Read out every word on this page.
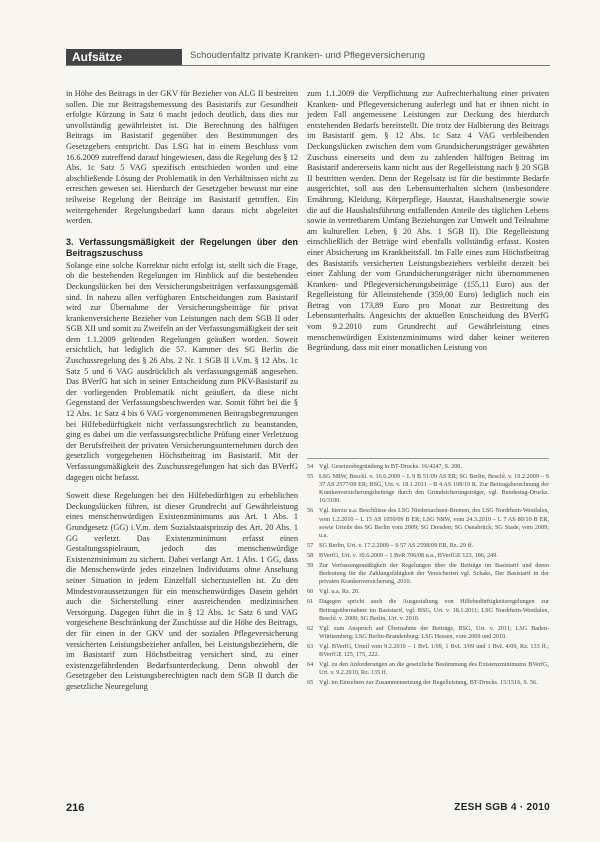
Aufsätze	Schoudenfaltz private Kranken- und Pflegeversicherung

in Höhe des Beitrags in der GKV für Bezieher von ALG II bestreiten sollen. Die zur Beitragsbemessung des Basistarifs zur Gesundheit erfolgte Kürzung in Satz 6 macht jedoch deutlich, dass dies nur unvollständig gewährleistet ist. Die Berechnung des hälftigen Beitrags im Basistarif gegenüber den Bestimmungen des Gesetzgebers entspricht. Das LSG hat in einem Beschluss vom 16.6.2009 zutreffend darauf hingewiesen, dass die Regelung des § 12 Abs. 1c Satz 5 VAG spezifisch entschieden worden und eine abschließende Lösung der Problematik in den Verhältnissen nicht zu erreichen gewesen sei. Hierdurch der Gesetzgeber bewusst nur eine teilweise Regelung der Beiträge im Basistarif getroffen. Ein weitergehender Regelungsbedarf kann daraus nicht abgeleitet werden.

3. Verfassungsmäßigkeit der Regelungen über den Beitragszuschuss

Solange eine solche Korrektur nicht erfolgt ist, stellt sich die Frage, ob die bestehenden Regelungen im Hinblick auf die bestehenden Deckungslücken bei den Versicherungsbeiträgen verfassungsgemäß sind. In nahezu allen verfügbaren Entscheidungen zum Basistarif wird zur Übernahme der Versicherungsbeiträge für privat krankenversicherte Bezieher von Leistungen nach dem SGB II oder SGB XII und somit zu Zweifeln an der Verfassungsmäßigkeit der seit dem 1.1.2009 geltenden Regelungen geäußert worden. Soweit ersichtlich, hat lediglich die 57. Kammer des SG Berlin die Zuschussregelung des § 26 Abs. 2 Nr. 1 SGB II i.V.m. § 12 Abs. 1c Satz 5 und 6 VAG ausdrücklich als verfassungsgemäß angesehen. Das BVerfG hat sich in seiner Entscheidung zum PKV-Basistarif zu der vorliegenden Problematik nicht geäußert, da diese nicht Gegenstand der Verfassungsbeschwerden war. Somit führt bei die § 12 Abs. 1c Satz 4 bis 6 VAG vorgenommenen Beitragsbegrenzungen bei Hilfebedürftigkeit nicht verfassungsrechtlich zu beanstanden, ging es dabei um die verfassungsrechtliche Prüfung einer Verletzung der Berufsfreiheit der privaten Versicherungsunternehmen durch den gesetzlich vorgegebenen Höchstbeitrag im Basistarif. Mit der Verfassungsmäßigkeit des Zuschussregelungen hat sich das BVerfG dagegen nicht befasst.

Soweit diese Regelungen bei den Hilfebedürftigen zu erheblichen Deckungslücken führen, ist dieser Grundrecht auf Gewährleistung eines menschenwürdigen Existenzminimums aus Art. 1 Abs. 1 Grundgesetz (GG) i.V.m. dem Sozialstaatsprinzip des Art. 20 Abs. 1 GG verletzt. Das Existenzminimum erfasst einen Gestaltungsspielraum, jedoch das menschenwürdige Existenzminimum zu sichern. Dabei verlangt Art. 1 Abs. 1 GG, dass die Menschenwürde jedes einzelnen Individuums ohne Ansehung seiner Situation in jedem Einzelfall sicherzustellen ist. Zu den Mindestvoraussetzungen für ein menschenwürdiges Dasein gehört auch die Sicherstellung einer ausreichenden medizinischen Versorgung. Dagegen führt die in § 12 Abs. 1c Satz 6 und VAG vorgesehene Beschränkung der Zuschüsse auf die Höhe des Beitrags, der für einen in der GKV und der sozialen Pflegeversicherung versicherten Leistungsbezieher anfallen, bei Leistungsbeziehern, die im Basistarif zum Höchstbeitrag versichert sind, zu einer existenzgefährdenden Bedarfsunterdeckung. Denn obwohl der Gesetzgeber den Leistungsberechtigten nach dem SGB II durch die gesetzliche Neuregelung

zum 1.1.2009 die Verpflichtung zur Aufrechterhaltung einer privaten Kranken- und Pflegeversicherung auferlegt und hat er ihnen nicht in jedem Fall angemessene Leistungen zur Deckung des hierdurch entstehenden Bedarfs bereitstellt. Die trotz der Halbierung des Beitrags im Basistarif gem. § 12 Abs. 1c Satz 4 VAG verbleibenden Deckungslücken zwischen dem vom Grundsicherungsträger gewährten Zuschuss einerseits und dem zu zahlenden hälftigen Beitrag im Basistarif andererseits kann nicht aus der Regelleistung nach § 20 SGB II bestritten werden. Denn der Regelsatz ist für die bestimmte Bedarfe ausgerichtet, soll aus den Lebensunterhalten sichern (insbesondere Ernährung, Kleidung, Körperpflege, Hausrat, Haushaltsenergie sowie die auf die Haushaltsführung entfallenden Anteile des täglichen Lebens sowie in vertretbarem Umfang Beziehungen zur Umwelt und Teilnahme am kulturellen Leben, § 20 Abs. 1 SGB II). Die Regelleistung einschließlich der Beträge wird ebenfalls vollständig erfasst. Kosten einer Absicherung im Krankheitsfall. Im Falle eines zum Höchstbeitrag des Basistarifs versicherten Leistungsbeziehers verbleibt derzeit bei einer Zahlung der vom Grundsicherungsträger nicht übernommenen Kranken- und Pflegeversicherungsbeiträge (155,11 Euro) aus der Regelleistung für Alleinstehende (359,00 Euro) lediglich noch ein Betrag von 173,89 Euro pro Monat zur Bestreitung des Lebensunterhalts. Angesichts der aktuellen Entscheidung des BVerfG vom 9.2.2010 zum Grundrecht auf Gewährleistung eines menschenwürdigen Existenzminimums wird daher keiner weiteren Begründung, dass mit einer monatlichen Leistung von

54 Vgl. Gesetzesbegründung in BT-Drucks. 16/4247, S. 200.
55 LSG NRW, Beschl. v. 16.6.2009 – L 9 B 51/09 AS ER; SG Berlin, Beschl. v. 19.2.2009 – S 37 AS 2577/09 ER; BSG, Urt. v. 18.1.2011 – B 4 AS 108/10 R. Zur Beitragsberechnung der Krankenversicherungsbeiträge durch den Grundsicherungsträger, vgl. Bundestag-Drucks. 16/3100.
56 Vgl. hierzu u.a. Beschlüsse des LSG Niedersachsen-Bremen, des LSG Nordrhein-Westfalen, vom 1.2.2010 – L 15 AS 1050/09 B ER; LSG NRW, vom 24.3.2010 – L 7 AS 80/10 B ER, sowie Urteile des SG Berlin vom 2009; SG Dresden; SG Osnabrück; SG Stade, vom 2009; u.a.
57 SG Berlin, Urt. v. 17.2.2009 – S 57 AS 2598/09 ER, Rz. 29 ff.
58 BVerfG, Urt. v. 10.6.2009 – 1 BvR 706/08 u.a., BVerfGE 123, 186, 249.
59 Zur Verfassungsmäßigkeit der Regelungen über die Beiträge im Basistarif und deren Bedeutung für die Zahlungsfähigkeit der Versicherten vgl. Schaks, Der Basistarif in der privaten Krankenversicherung, 2010.
60 Vgl. u.a. Rz. 20.
61 Dagegen spricht auch die Ausgestaltung von Hilfebedürftigkeitsregelungen zur Beitragsübernahme im Basistarif, vgl. BSG, Urt. v. 18.1.2011; LSG Nordrhein-Westfalen, Beschl. v. 2009; SG Berlin, Urt. v. 2010.
62 Vgl. zum Anspruch auf Übernahme der Beiträge, BSG, Urt. v. 2011; LSG Baden-Württemberg; LSG Berlin-Brandenburg; LSG Hessen, vom 2009 und 2010.
63 Vgl. BVerfG, Urteil vom 9.2.2010 – 1 BvL 1/09, 1 BvL 3/09 und 1 BvL 4/09, Rz. 133 ff.; BVerfGE 125, 175, 222.
64 Vgl. zu den Anforderungen an die gesetzliche Bestimmung des Existenzminimums BVerfG, Urt. v. 9.2.2010, Rz. 135 ff.
65 Vgl. im Einzelnen zur Zusammensetzung der Regelleistung, BT-Drucks. 15/1516, S. 56.
216	ZESH SGB 4 · 2010
